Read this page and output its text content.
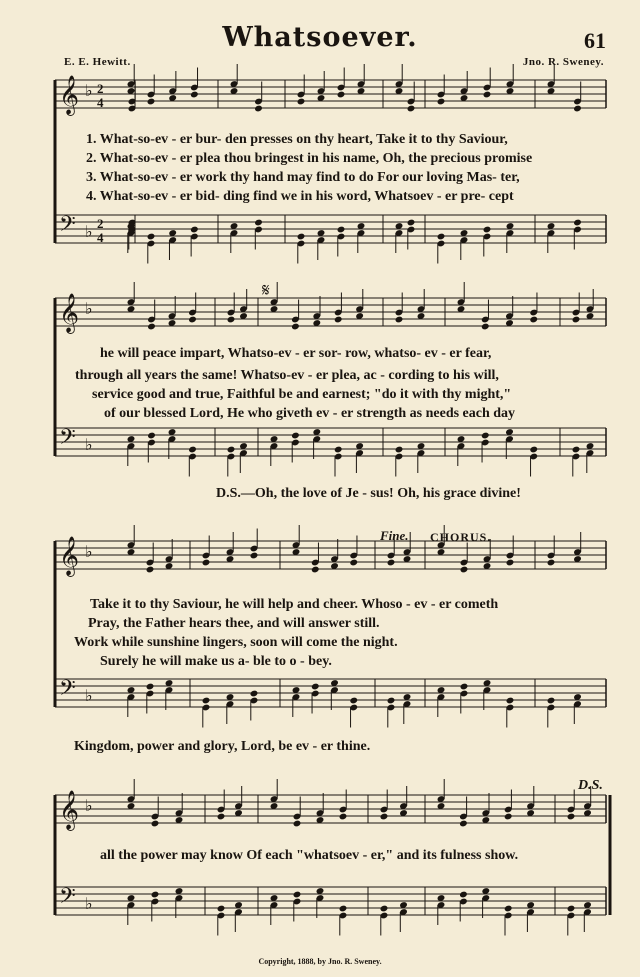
Whatsoever.	61
E. E. Hewitt.	Jno. R. Sweney.
𝄞 ♭
𝄢 ♭
2
4
2
4
𝄞 ♭
𝄢 ♭
𝄞 ♭
𝄢 ♭
𝄞 ♭
𝄢 ♭
𝄋
1. What-so-ev - er bur- den presses on thy heart, Take it to thy Saviour,
2. What-so-ev - er plea thou bringest in his name, Oh, the precious promise
3. What-so-ev - er work thy hand may find to do For our loving Mas- ter,
4. What-so-ev - er bid- ding find we in his word, Whatsoev - er pre- cept
he will peace impart, Whatso-ev - er sor- row, whatso- ev - er fear,
through all years the same! Whatso-ev - er plea, ac - cording to his will,
service good and true, Faithful be and earnest; "do it with thy might,"
of our blessed Lord, He who giveth ev - er strength as needs each day
D.S.—Oh, the love of Je - sus! Oh, his grace divine!
Fine. CHORUS.
Take it to thy Saviour, he will help and cheer. Whoso - ev - er cometh
Pray, the Father hears thee, and will answer still.
Work while sunshine lingers, soon will come the night.
Surely he will make us a- ble to o - bey.
Kingdom, power and glory, Lord, be ev - er thine.
all the power may know Of each "whatsoev - er," and its fulness show.
D.S.
Copyright, 1888, by Jno. R. Sweney.
